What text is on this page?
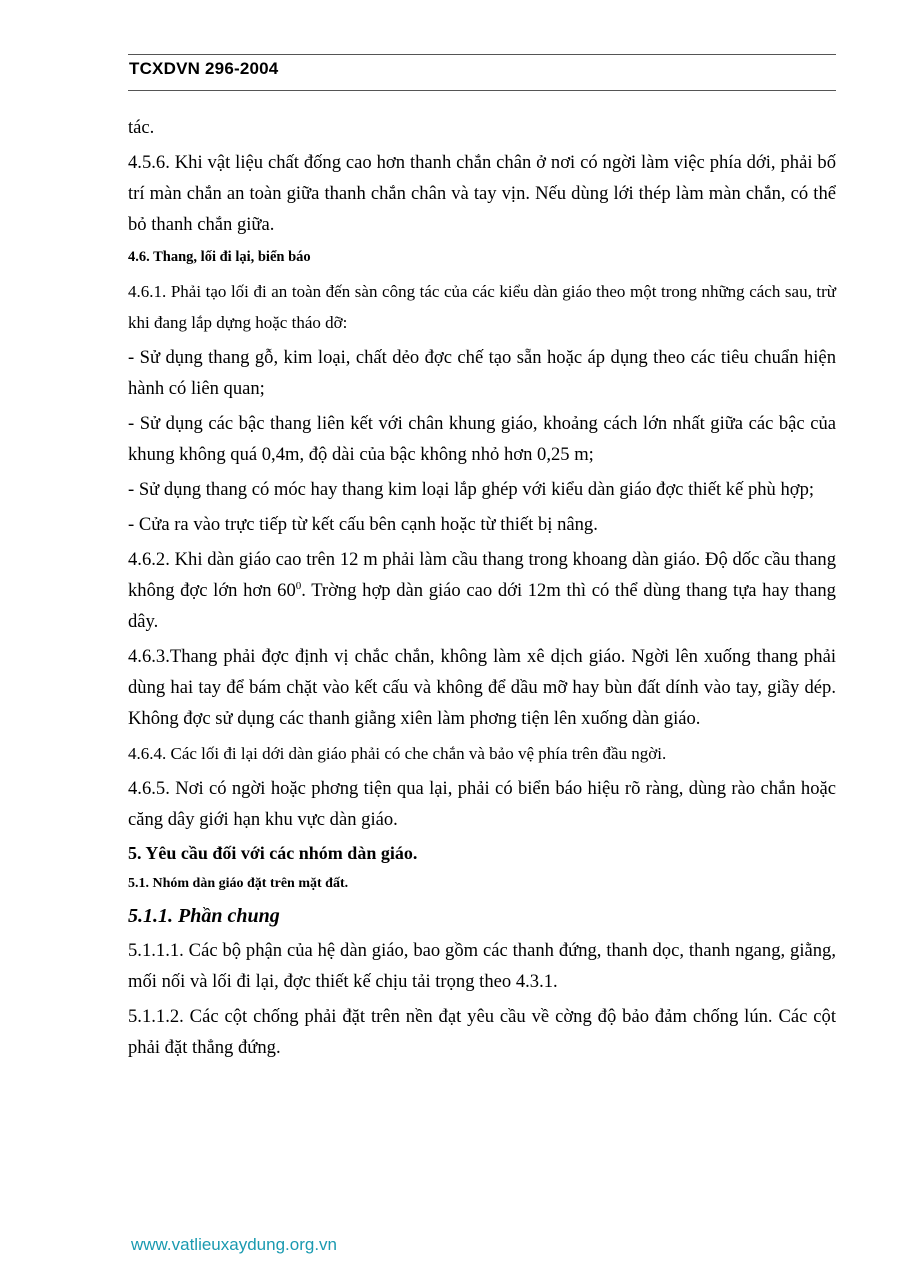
TCXDVN 296-2004

tác.

4.5.6. Khi vật liệu chất đống cao hơn thanh chắn chân ở nơi có ngời làm việc phía dới, phải bố trí màn chắn an toàn giữa thanh chắn chân và tay vịn. Nếu dùng lới thép làm màn chắn, có thể bỏ thanh chắn giữa.

4.6. Thang, lối đi lại, biển báo

4.6.1. Phải tạo lối đi an toàn đến sàn công tác của các kiểu dàn giáo theo một trong những cách sau, trừ khi đang lắp dựng hoặc tháo dỡ:

- Sử dụng thang gỗ, kim loại, chất dẻo đợc chế tạo sẵn hoặc áp dụng theo các tiêu chuẩn hiện hành có liên quan;

- Sử dụng các bậc thang liên kết với chân khung giáo, khoảng cách lớn nhất giữa các bậc của khung không quá 0,4m, độ dài của bậc không nhỏ hơn 0,25 m;

- Sử dụng thang có móc hay thang kim loại lắp ghép với kiểu dàn giáo đợc thiết kế phù hợp;

- Cửa ra vào trực tiếp từ kết cấu bên cạnh hoặc từ thiết bị nâng.

4.6.2. Khi dàn giáo cao trên 12 m phải làm cầu thang trong khoang dàn giáo. Độ dốc cầu thang không đợc lớn hơn $60^0$. Trờng hợp dàn giáo cao dới 12m thì có thể dùng thang tựa hay thang dây.

4.6.3.Thang phải đợc định vị chắc chắn, không làm xê dịch giáo. Ngời lên xuống thang phải dùng hai tay để bám chặt vào kết cấu và không để dầu mỡ hay bùn đất dính vào tay, giầy dép. Không đợc sử dụng các thanh giằng xiên làm phơng tiện lên xuống dàn giáo.

4.6.4. Các lối đi lại dới dàn giáo phải có che chắn và bảo vệ phía trên đầu ngời.

4.6.5. Nơi có ngời hoặc phơng tiện qua lại, phải có biển báo hiệu rõ ràng, dùng rào chắn hoặc căng dây giới hạn khu vực dàn giáo.

5. Yêu cầu đối với các nhóm dàn giáo.
5.1. Nhóm dàn giáo đặt trên mặt đất.
5.1.1. Phần chung

5.1.1.1. Các bộ phận của hệ dàn giáo, bao gồm các thanh đứng, thanh dọc, thanh ngang, giằng, mối nối và lối đi lại, đợc thiết kế chịu tải trọng theo 4.3.1.

5.1.1.2. Các cột chống phải đặt trên nền đạt yêu cầu về cờng độ bảo đảm chống lún. Các cột phải đặt thẳng đứng.

www.vatlieuxaydung.org.vn
